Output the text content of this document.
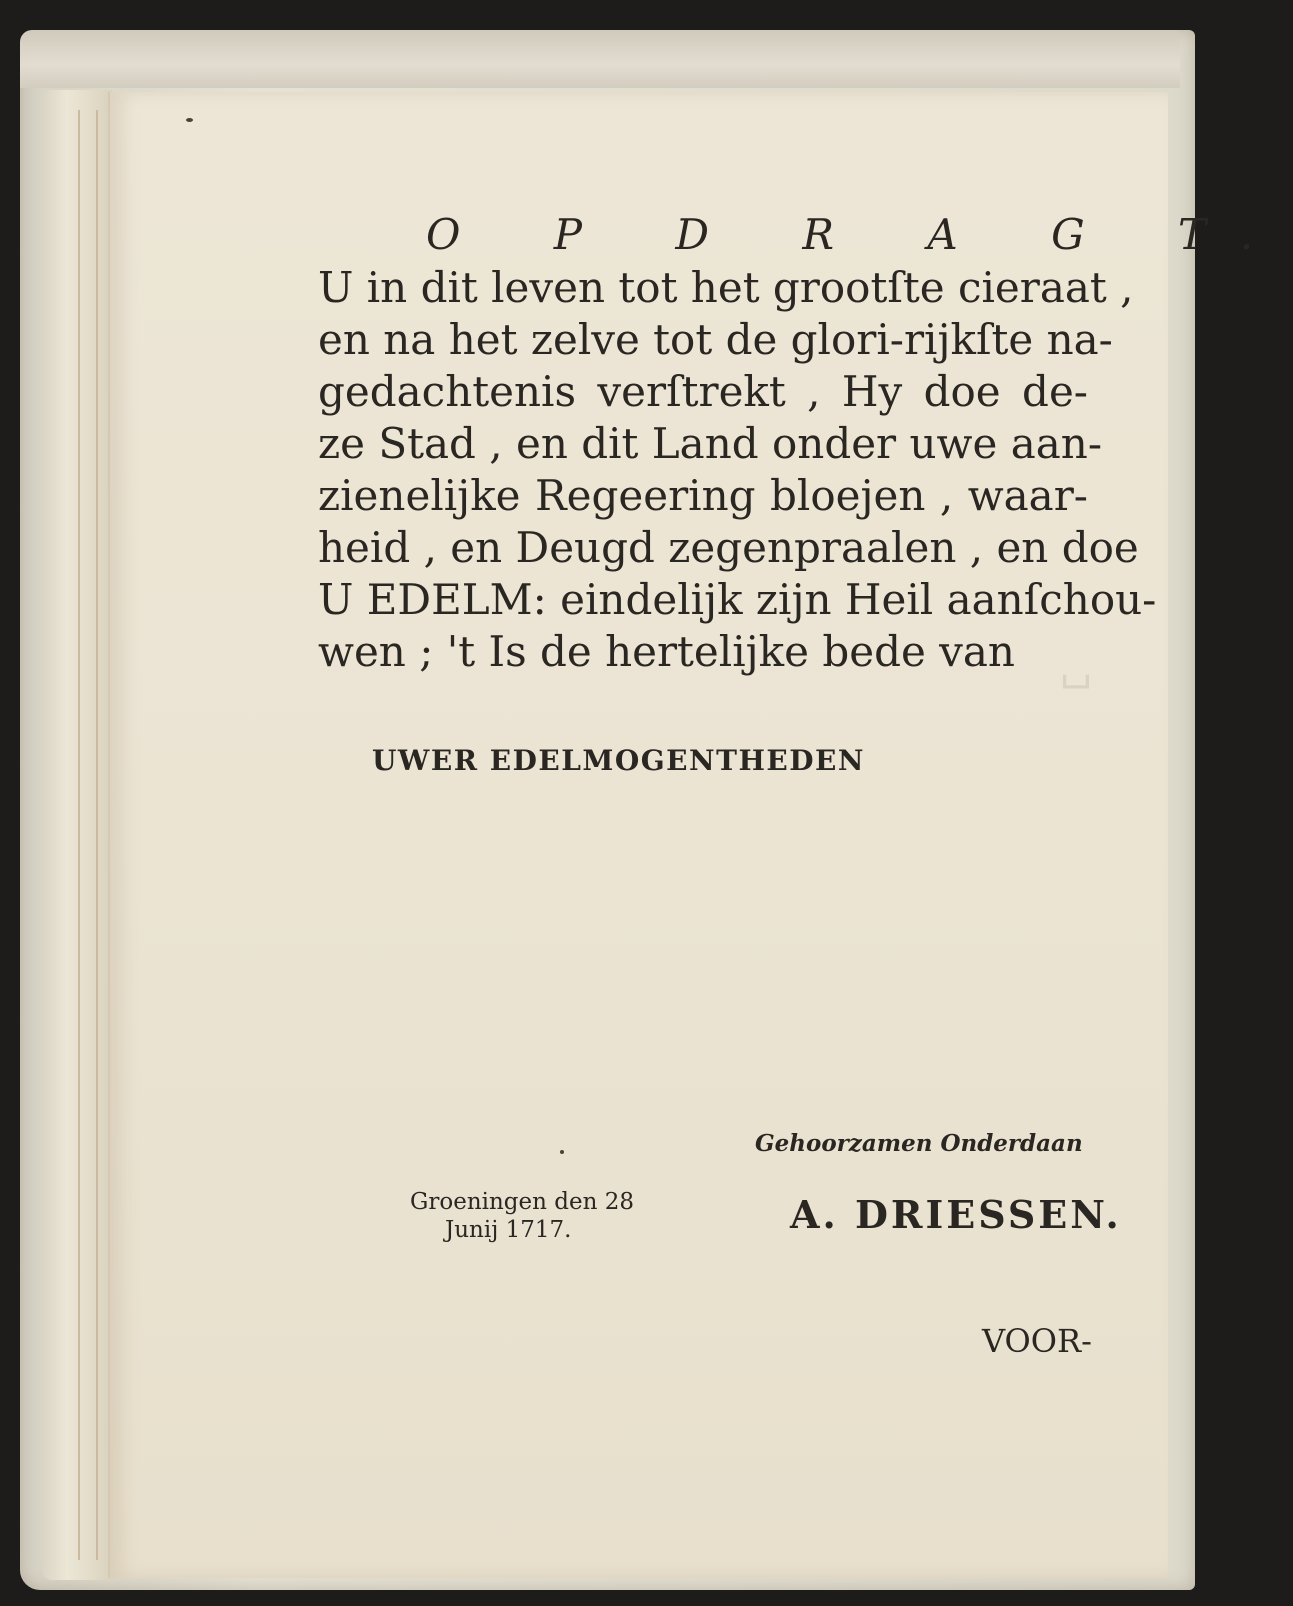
␣
O P D R A G T.
U in dit leven tot het grootſte cieraat ,
en na het zelve tot de glori-rijkſte na-
gedachtenis verſtrekt , Hy doe de-
ze Stad , en dit Land onder uwe aan-
zienelijke Regeering bloejen , waar-
heid , en Deugd zegenpraalen , en doe
U EDELM: eindelijk zijn Heil aanſchou-
wen ; 't Is de hertelijke bede van
UWER EDELMOGENTHEDEN
Gehoorzamen Onderdaan
Groeningen den 28
Junij 1717.	A. DRIESSEN.
VOOR-
